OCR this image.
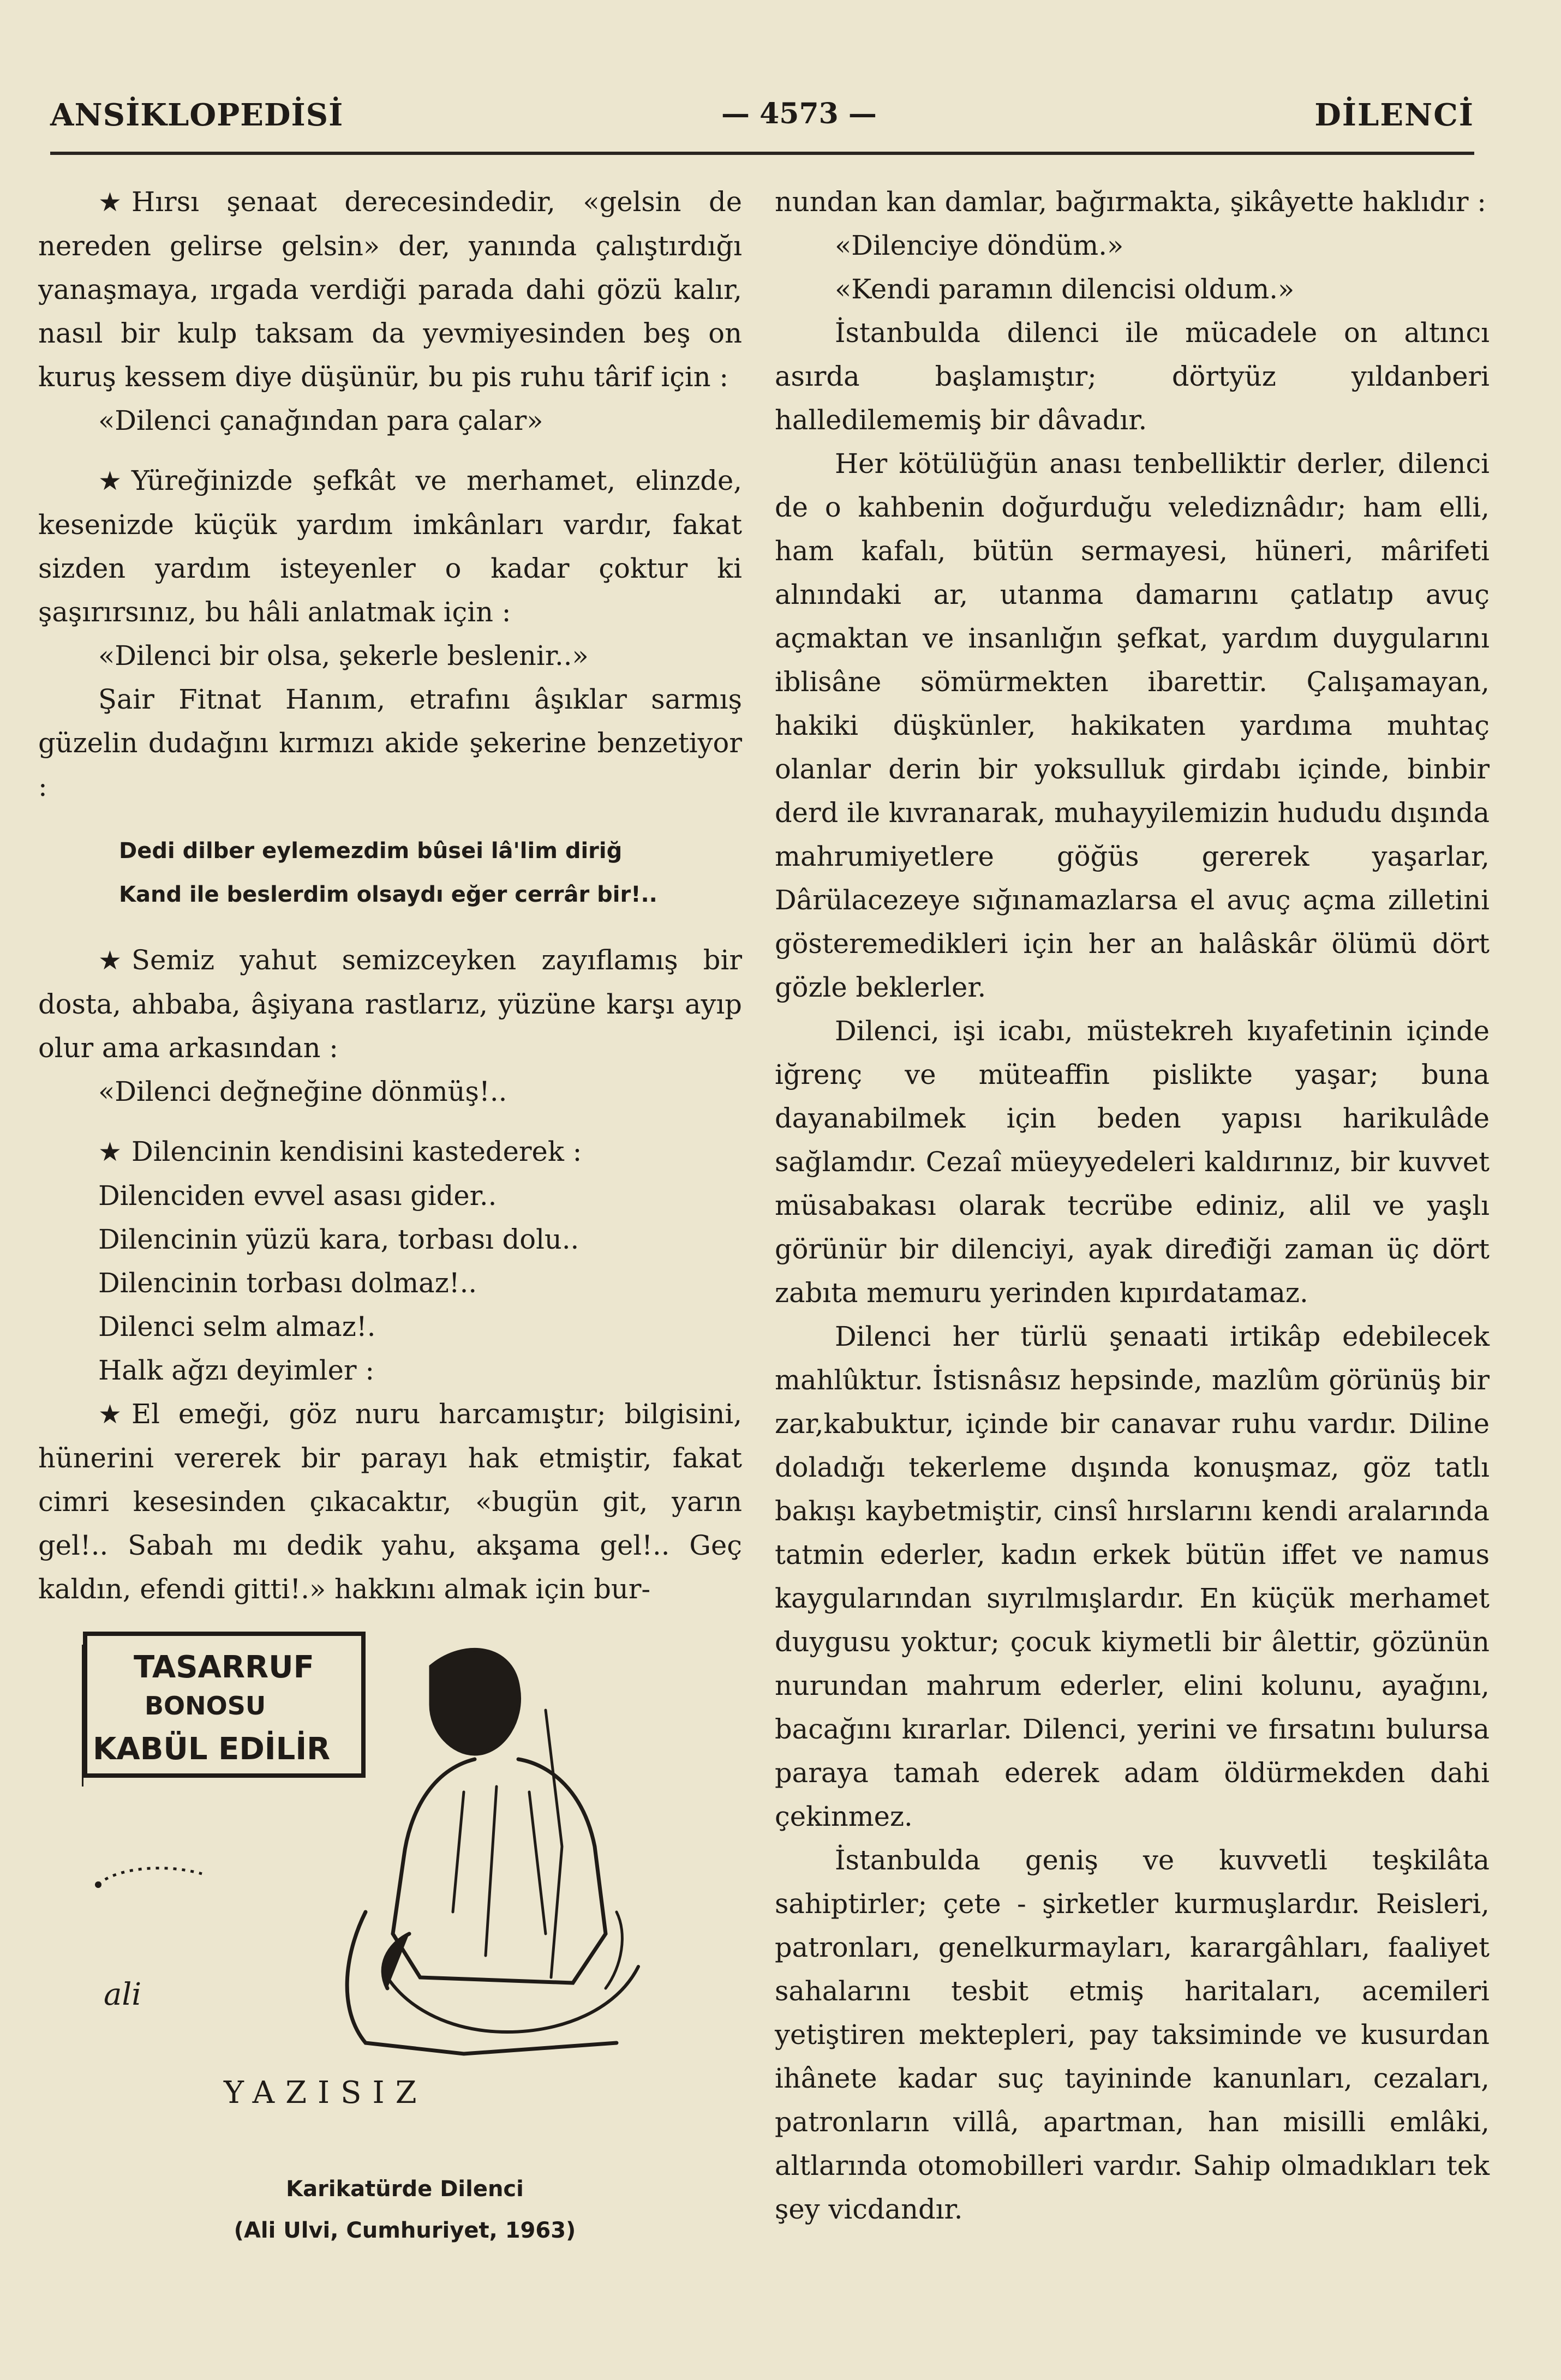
ANSİKLOPEDİSİ	— 4573 —	DİLENCİ

★ Hırsı şenaat derecesindedir, «gelsin de nereden gelirse gelsin» der, yanında çalıştırdığı yanaşmaya, ırgada verdiği parada dahi gözü kalır, nasıl bir kulp taksam da yevmiyesinden beş on kuruş kessem diye düşünür, bu pis ruhu târif için :

«Dilenci çanağından para çalar»

★ Yüreğinizde şefkât ve merhamet, elinzde, kesenizde küçük yardım imkânları vardır, fakat sizden yardım isteyenler o kadar çoktur ki şaşırırsınız, bu hâli anlatmak için :

«Dilenci bir olsa, şekerle beslenir..»

Şair Fitnat Hanım, etrafını âşıklar sarmış güzelin dudağını kırmızı akide şekerine benzetiyor :

Dedi dilber eylemezdim bûsei lâ'lim diriğ
Kand ile beslerdim olsaydı eğer cerrâr bir!..

★ Semiz yahut semizceyken zayıflamış bir dosta, ahbaba, âşiyana rastlarız, yüzüne karşı ayıp olur ama arkasından :

«Dilenci değneğine dönmüş!..

★ Dilencinin kendisini kastederek :

Dilenciden evvel asası gider..
Dilencinin yüzü kara, torbası dolu..
Dilencinin torbası dolmaz!..
Dilenci selm almaz!.
Halk ağzı deyimler :

★ El emeği, göz nuru harcamıştır; bilgisini, hünerini vererek bir parayı hak etmiştir, fakat cimri kesesinden çıkacaktır, «bugün git, yarın gel!.. Sabah mı dedik yahu, akşama gel!.. Geç kaldın, efendi gitti!.» hakkını almak için bur-

TASARRUF
BONOSU
KABÜL EDİLİR
YAZISIZ
ali
Karikatürde Dilenci
(Ali Ulvi, Cumhuriyet, 1963)

nundan kan damlar, bağırmakta, şikâyette haklıdır :

«Dilenciye döndüm.»

«Kendi paramın dilencisi oldum.»

İstanbulda dilenci ile mücadele on altıncı asırda başlamıştır; dörtyüz yıldanberi halledilememiş bir dâvadır.

Her kötülüğün anası tenbelliktir derler, dilenci de o kahbenin doğurduğu velediznâdır; ham elli, ham kafalı, bütün sermayesi, hüneri, mârifeti alnındaki ar, utanma damarını çatlatıp avuç açmaktan ve insanlığın şefkat, yardım duygularını iblisâne sömürmekten ibarettir. Çalışamayan, hakiki düşkünler, hakikaten yardıma muhtaç olanlar derin bir yoksulluk girdabı içinde, binbir derd ile kıvranarak, muhayyilemizin hududu dışında mahrumiyetlere göğüs gererek yaşarlar, Dârülacezeye sığınamazlarsa el avuç açma zilletini gösteremedikleri için her an halâskâr ölümü dört gözle beklerler.

Dilenci, işi icabı, müstekreh kıyafetinin içinde iğrenç ve müteaffin pislikte yaşar; buna dayanabilmek için beden yapısı harikulâde sağlamdır. Cezaî müeyyedeleri kaldırınız, bir kuvvet müsabakası olarak tecrübe ediniz, alil ve yaşlı görünür bir dilenciyi, ayak diređiği zaman üç dört zabıta memuru yerinden kıpırdatamaz.

Dilenci her türlü şenaati irtikâp edebilecek mahlûktur. İstisnâsız hepsinde, mazlûm görünüş bir zar,kabuktur, içinde bir canavar ruhu vardır. Diline doladığı tekerleme dışında konuşmaz, göz tatlı bakışı kaybetmiştir, cinsî hırslarını kendi aralarında tatmin ederler, kadın erkek bütün iffet ve namus kaygularından sıyrılmışlardır. En küçük merhamet duygusu yoktur; çocuk kiymetli bir âlettir, gözünün nurundan mahrum ederler, elini kolunu, ayağını, bacağını kırarlar. Dilenci, yerini ve fırsatını bulursa paraya tamah ederek adam öldürmekden dahi çekinmez.

İstanbulda geniş ve kuvvetli teşkilâta sahiptirler; çete - şirketler kurmuşlardır. Reisleri, patronları, genelkurmayları, karargâhları, faaliyet sahalarını tesbit etmiş haritaları, acemileri yetiştiren mektepleri, pay taksiminde ve kusurdan ihânete kadar suç tayininde kanunları, cezaları, patronların villâ, apartman, han misilli emlâki, altlarında otomobilleri vardır. Sahip olmadıkları tek şey vicdandır.
